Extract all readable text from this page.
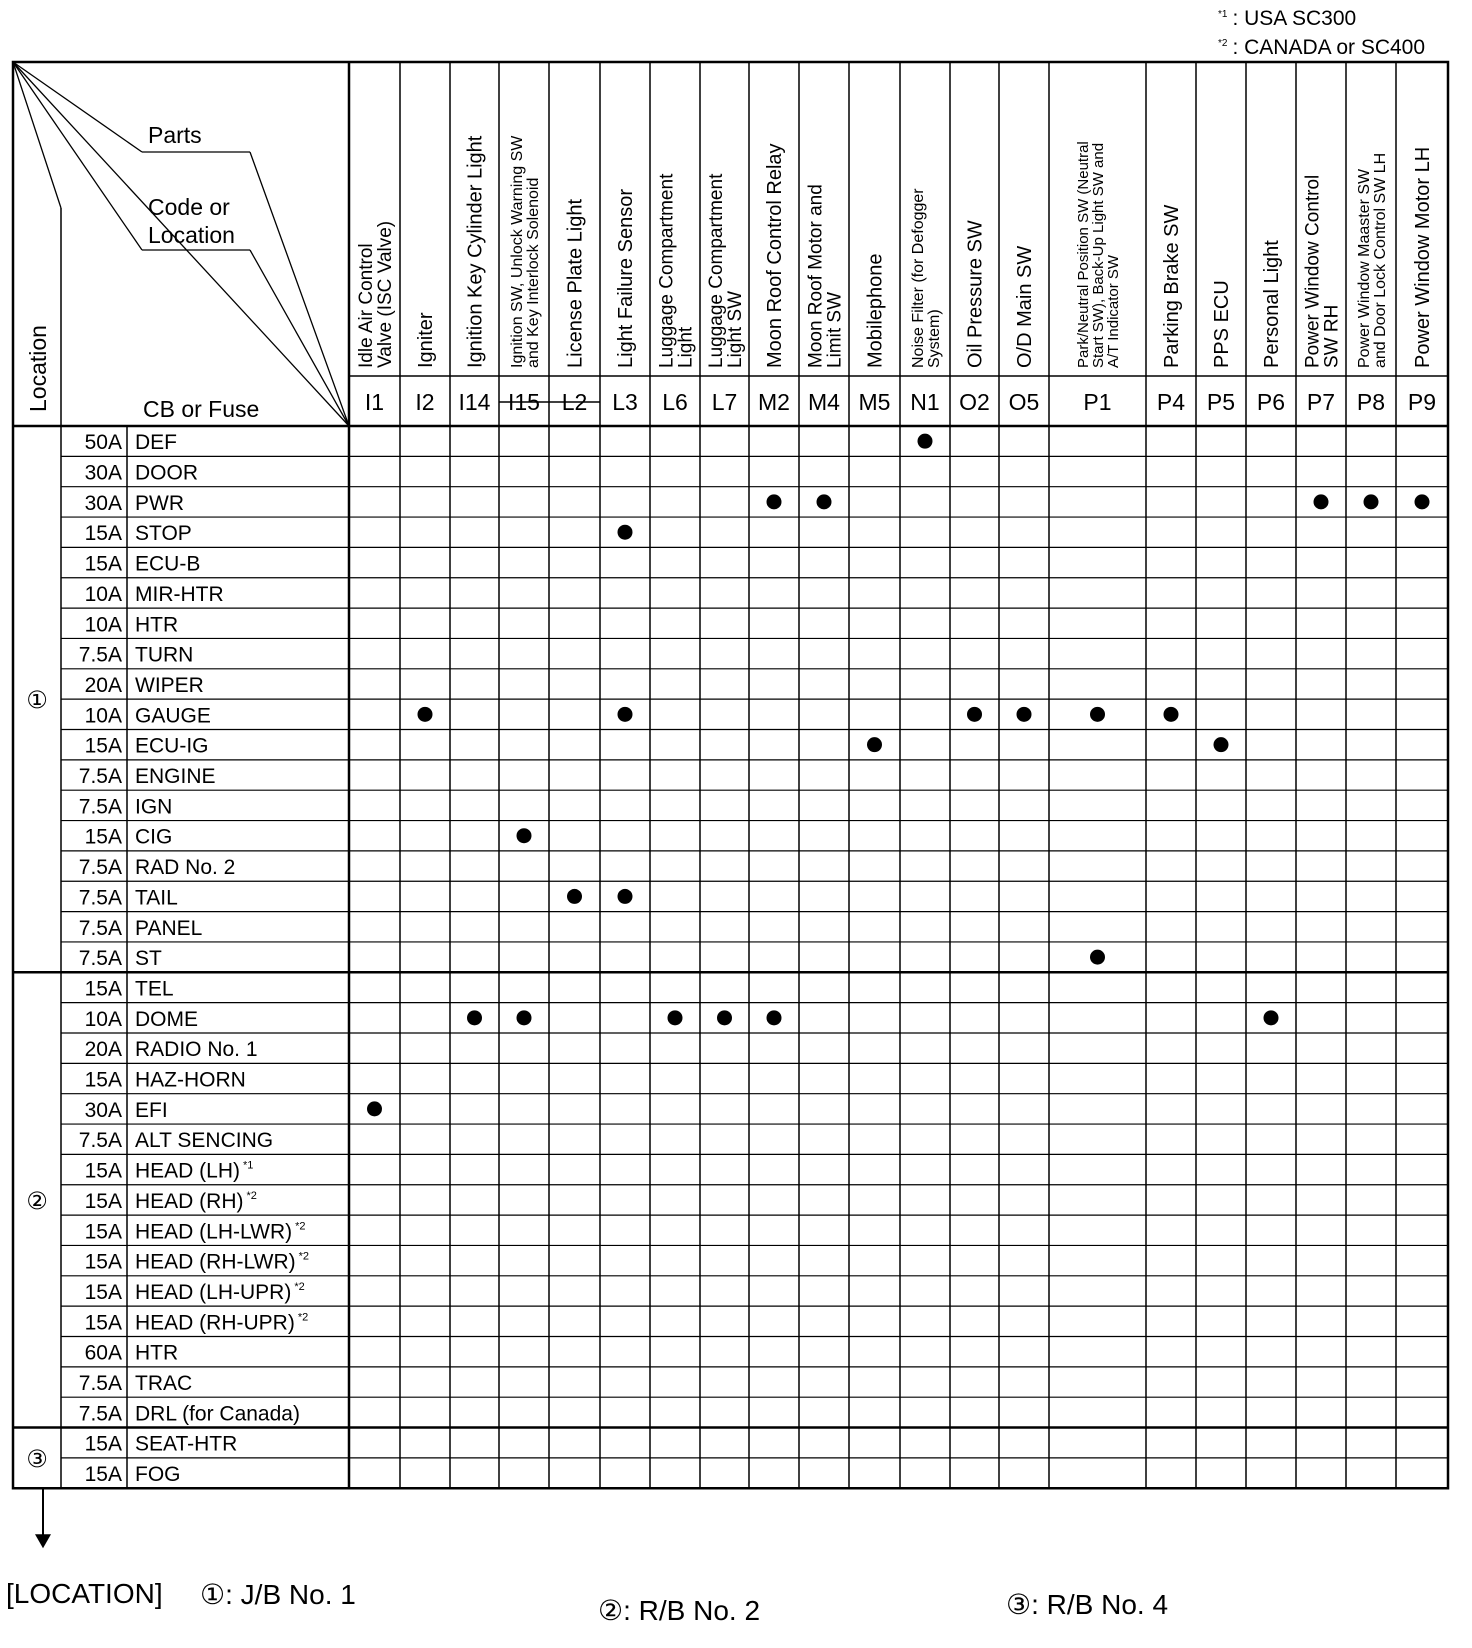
$^{*1}$ : USA SC300
$^{*2}$ : CANADA or SC400
Parts
Code or
Location
CB or Fuse
Location
Idle Air Control
Valve (ISC Valve)
I1
Igniter
I2
Ignition Key Cylinder Light
I14
Ignition SW, Unlock Warning SW and Key Interlock Solenoid
I15
License Plate Light
L2
Light Failure Sensor
L3
Luggage Compartment
Light
L6
Luggage Compartment
Light SW
L7
Moon Roof Control Relay
M2
Moon Roof Motor and
Limit SW
M4
Mobilephone
M5
Noise Filter (for Defogger System)
N1
Oil Pressure SW
O2
O/D Main SW
O5
Park/Neutral Position SW (Neutral
Start SW), Back-Up Light SW and
A/T Indicator SW
P1
Parking Brake SW
P4
PPS ECU
P5
Personal Light
P6
Power Window Control
SW RH
P7
Power Window Maaster SW and Door Lock Control SW LH
P8
Power Window Motor LH
P9
50A DEF
30A DOOR
30A PWR
15A STOP
15A ECU-B
10A MIR-HTR
10A HTR
7.5A TURN
20A WIPER
10A GAUGE
15A ECU-IG
7.5A ENGINE
7.5A IGN
15A CIG
7.5A RAD No. 2
7.5A TAIL
7.5A PANEL
7.5A ST
15A TEL
10A DOME
20A RADIO No. 1
15A HAZ-HORN
30A EFI
7.5A ALT SENCING
15A HEAD (LH) $^{*1}$
15A HEAD (RH) $^{*2}$
15A HEAD (LH-LWR) $^{*2}$
15A HEAD (RH-LWR) $^{*2}$
15A HEAD (LH-UPR) $^{*2}$
15A HEAD (RH-UPR) $^{*2}$
60A HTR
7.5A TRAC
7.5A DRL (for Canada)
15A SEAT-HTR
15A FOG
①
②
③
[LOCATION] ①: J/B No. 1
②: R/B No. 2	③: R/B No. 4
